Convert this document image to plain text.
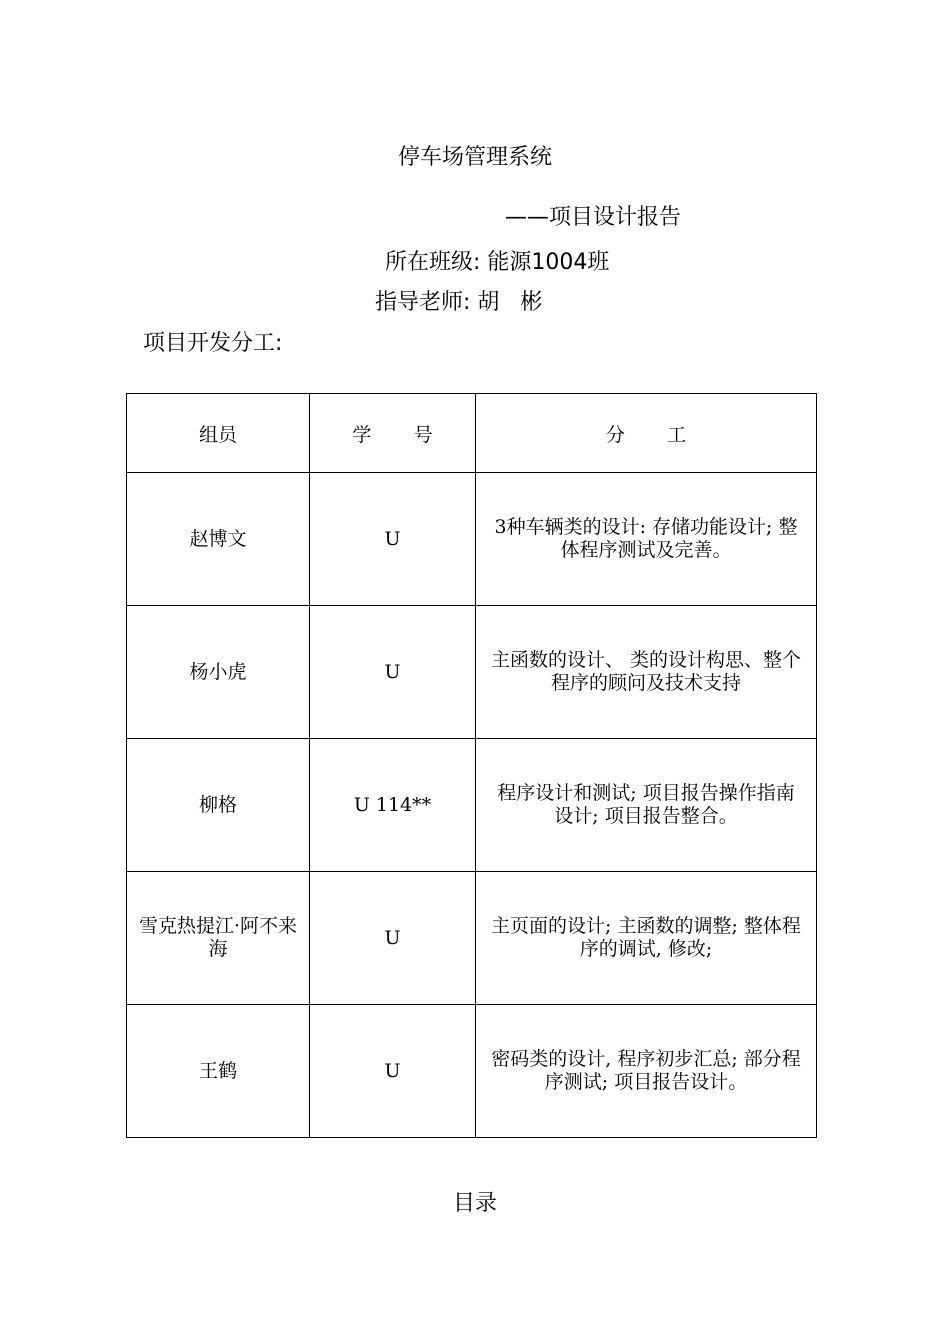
停车场管理系统
——项目设计报告
所在班级: 能源1004班
指导老师: 胡   彬
项目开发分工:
组员	学       号	分       工
赵博文	U	3种车辆类的设计: 存储功能设计; 整体程序测试及完善。
杨小虎	U	主函数的设计、 类的设计构思、整个程序的顾问及技术支持
柳格	U 114**	程序设计和测试; 项目报告操作指南设计; 项目报告整合。
雪克热提江·阿不来海	U	主页面的设计; 主函数的调整; 整体程序的调试, 修改;
王鹤	U	密码类的设计, 程序初步汇总; 部分程序测试; 项目报告设计。
目录
